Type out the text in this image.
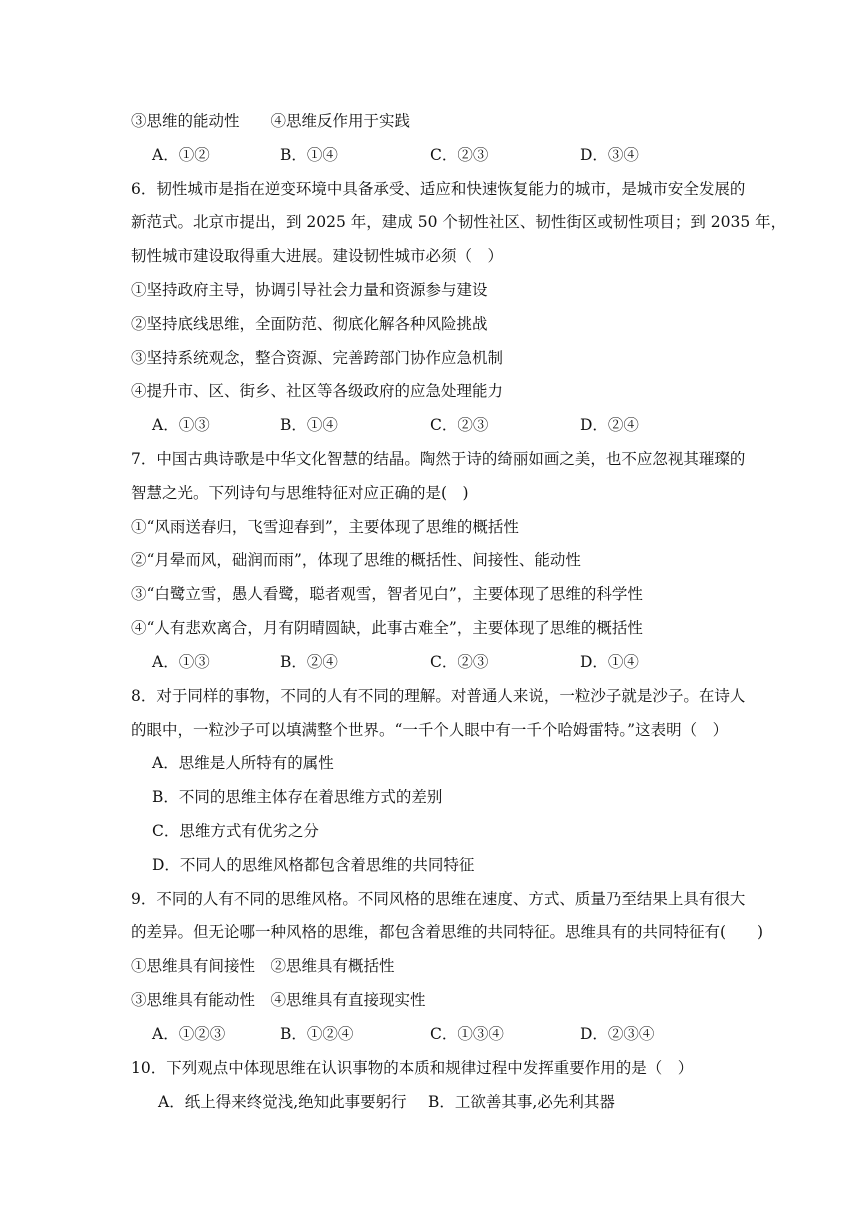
③思维的能动性　　④思维反作用于实践
A．①②	B．①④	C．②③	D．③④
6．韧性城市是指在逆变环境中具备承受、适应和快速恢复能力的城市，是城市安全发展的
新范式。北京市提出，到 2025 年，建成 50 个韧性社区、韧性街区或韧性项目；到 2035 年，
韧性城市建设取得重大进展。建设韧性城市必须（　）
①坚持政府主导，协调引导社会力量和资源参与建设
②坚持底线思维，全面防范、彻底化解各种风险挑战
③坚持系统观念，整合资源、完善跨部门协作应急机制
④提升市、区、街乡、社区等各级政府的应急处理能力
A．①③	B．①④	C．②③	D．②④
7．中国古典诗歌是中华文化智慧的结晶。陶然于诗的绮丽如画之美，也不应忽视其璀璨的
智慧之光。下列诗句与思维特征对应正确的是(　)
①“风雨送春归，飞雪迎春到”，主要体现了思维的概括性
②“月晕而风，础润而雨”，体现了思维的概括性、间接性、能动性
③“白鹭立雪，愚人看鹭，聪者观雪，智者见白”，主要体现了思维的科学性
④“人有悲欢离合，月有阴晴圆缺，此事古难全”，主要体现了思维的概括性
A．①③	B．②④	C．②③	D．①④
8．对于同样的事物，不同的人有不同的理解。对普通人来说，一粒沙子就是沙子。在诗人
的眼中，一粒沙子可以填满整个世界。“一千个人眼中有一千个哈姆雷特。”这表明（　）
A．思维是人所特有的属性
B．不同的思维主体存在着思维方式的差别
C．思维方式有优劣之分
D．不同人的思维风格都包含着思维的共同特征
9．不同的人有不同的思维风格。不同风格的思维在速度、方式、质量乃至结果上具有很大
的差异。但无论哪一种风格的思维，都包含着思维的共同特征。思维具有的共同特征有(　　)
①思维具有间接性　②思维具有概括性
③思维具有能动性　④思维具有直接现实性
A．①②③	B．①②④	C．①③④	D．②③④
10．下列观点中体现思维在认识事物的本质和规律过程中发挥重要作用的是（　）
A．纸上得来终觉浅,绝知此事要躬行 B．工欲善其事,必先利其器
